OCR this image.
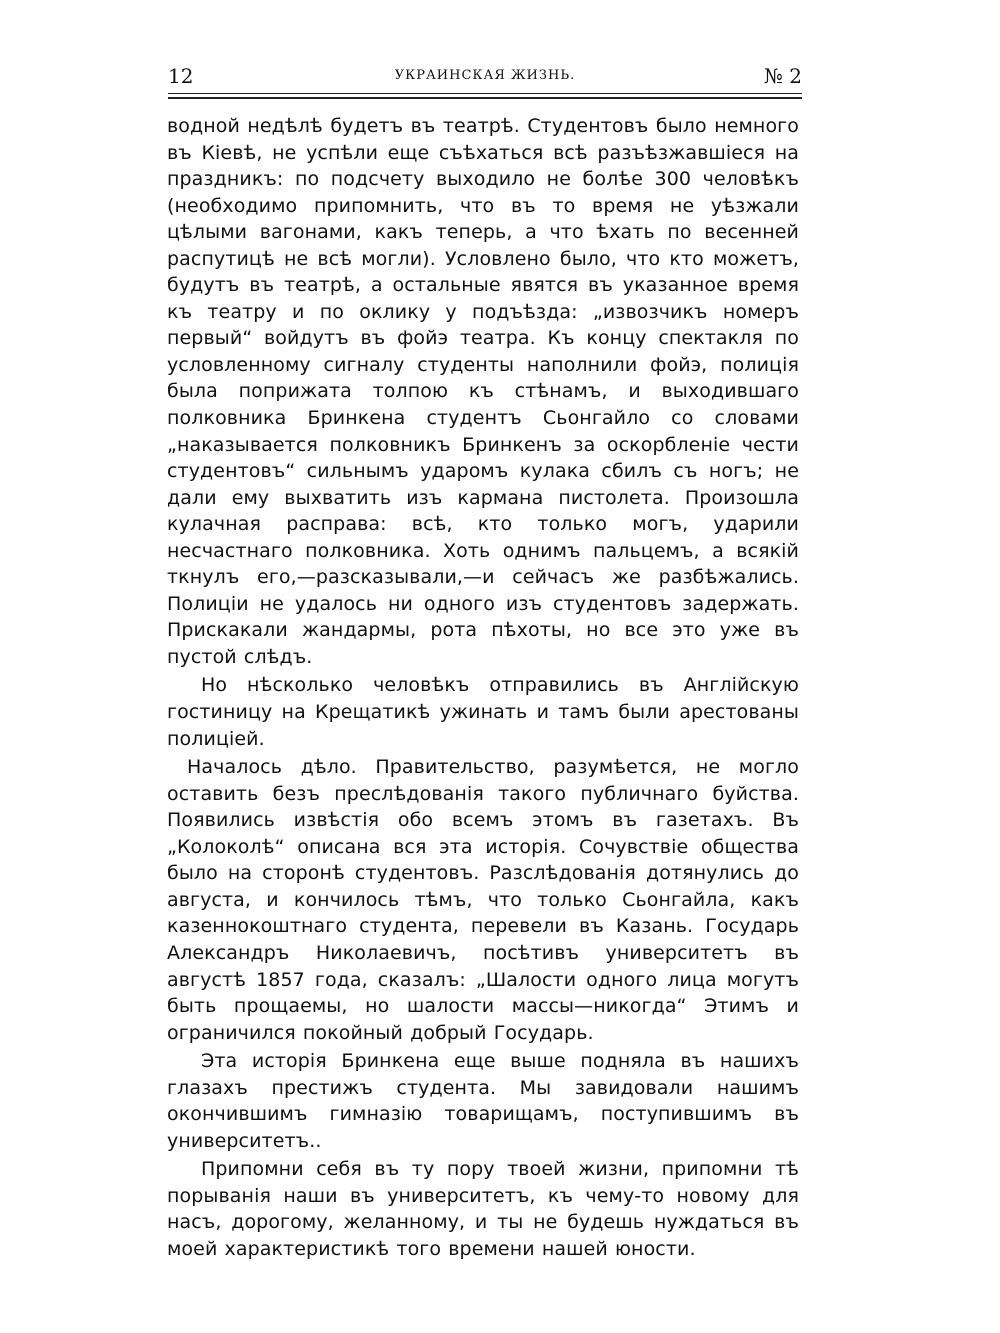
12	УКРАИНСКАЯ ЖИЗНЬ.	№ 2

водной недѣлѣ будетъ въ театрѣ. Студентовъ было немного въ Кіевѣ, не успѣли еще съѣхаться всѣ разъѣзжавшіеся на праздникъ: по подсчету выходило не болѣе 300 человѣкъ (необходимо припомнить, что въ то время не уѣзжали цѣлыми вагонами, какъ теперь, а что ѣхать по весенней распутицѣ не всѣ могли). Условлено было, что кто можетъ, будутъ въ театрѣ, а остальные явятся въ указанное время къ театру и по оклику у подъѣзда: „извозчикъ номеръ первый“ войдутъ въ фойэ театра. Къ концу спектакля по условленному сигналу студенты наполнили фойэ, полиція была поприжата толпою къ стѣнамъ, и выходившаго полковника Бринкена студентъ Сьонгайло со словами „наказывается полковникъ Бринкенъ за оскорбленіе чести студентовъ“ сильнымъ ударомъ кулака сбилъ съ ногъ; не дали ему выхватить изъ кармана пистолета. Произошла кулачная расправа: всѣ, кто только могъ, ударили несчастнаго полковника. Хоть однимъ пальцемъ, а всякій ткнулъ его,—разсказывали,—и сейчасъ же разбѣжались. Полиціи не удалось ни одного изъ студентовъ задержать. Прискакали жандармы, рота пѣхоты, но все это уже въ пустой слѣдъ.

Но нѣсколько человѣкъ отправились въ Англійскую гостиницу на Крещатикѣ ужинать и тамъ были арестованы полиціей.

Началось дѣло. Правительство, разумѣется, не могло оставить безъ преслѣдованія такого публичнаго буйства. Появились извѣстія обо всемъ этомъ въ газетахъ. Въ „Колоколѣ“ описана вся эта исторія. Сочувствіе общества было на сторонѣ студентовъ. Разслѣдованія дотянулись до августа, и кончилось тѣмъ, что только Сьонгайла, какъ казеннокоштнаго студента, перевели въ Казань. Государь Александръ Николаевичъ, посѣтивъ университетъ въ августѣ 1857 года, сказалъ: „Шалости одного лица могутъ быть прощаемы, но шалости массы—никогда“ Этимъ и ограничился покойный добрый Государь.

Эта исторія Бринкена еще выше подняла въ нашихъ глазахъ престижъ студента. Мы завидовали нашимъ окончившимъ гимназію товарищамъ, поступившимъ въ университетъ..

Припомни себя въ ту пору твоей жизни, припомни тѣ порыванія наши въ университетъ, къ чему-то новому для насъ, дорогому, желанному, и ты не будешь нуждаться въ моей характеристикѣ того времени нашей юности.
